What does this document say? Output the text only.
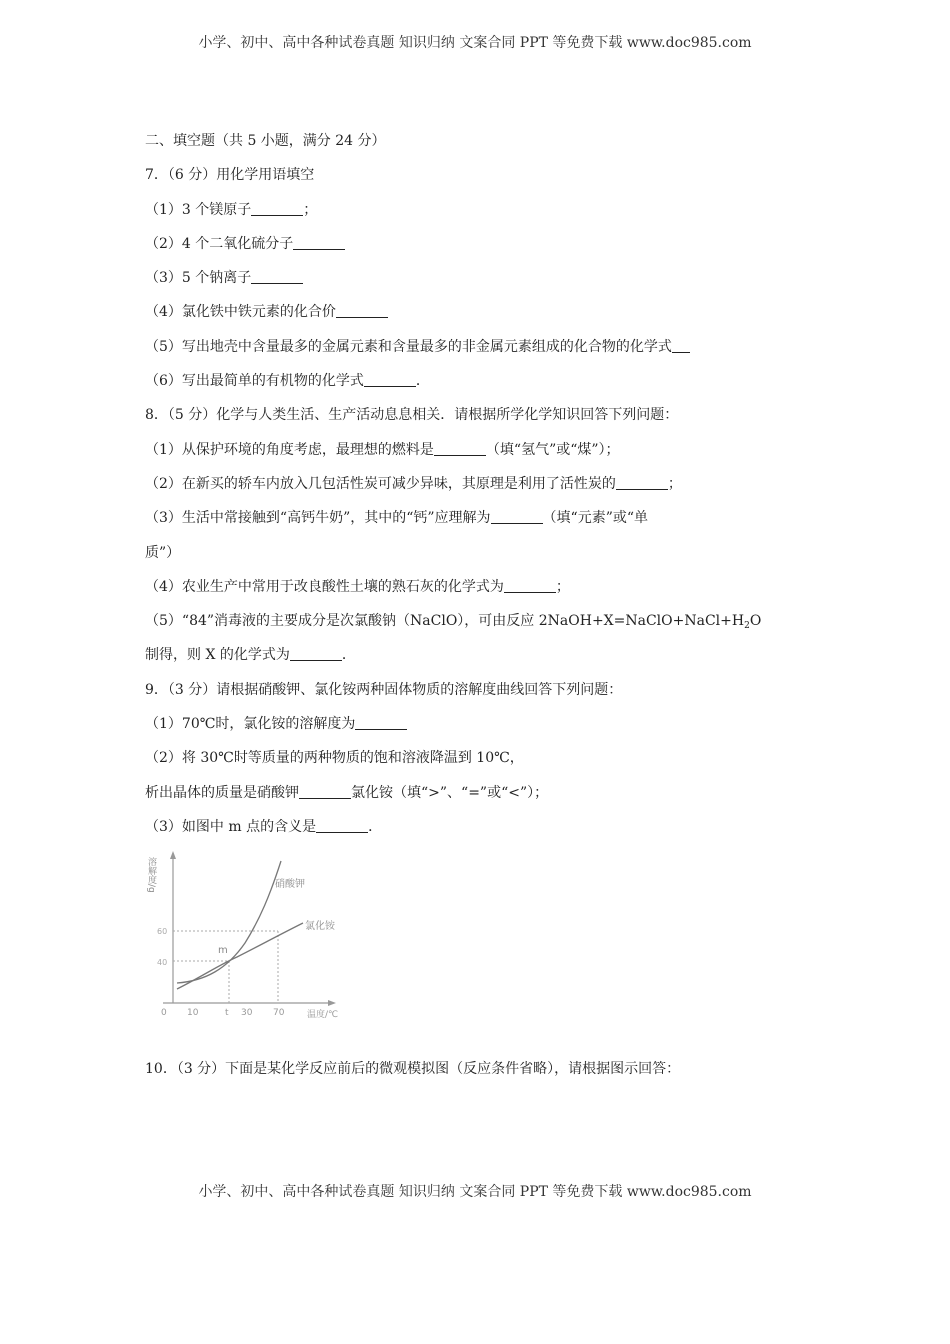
小学、初中、高中各种试卷真题 知识归纳 文案合同 PPT 等免费下载 www.doc985.com
二、填空题（共 5 小题，满分 24 分）
7．（6 分）用化学用语填空
（1）3 个镁原子	；
（2）4 个二氧化硫分子
（3）5 个钠离子
（4）氯化铁中铁元素的化合价
（5）写出地壳中含量最多的金属元素和含量最多的非金属元素组成的化合物的化学式
（6）写出最简单的有机物的化学式	．
8．（5 分）化学与人类生活、生产活动息息相关．请根据所学化学知识回答下列问题：
（1）从保护环境的角度考虑，最理想的燃料是	（填“氢气”或“煤”）；
（2）在新买的轿车内放入几包活性炭可减少异味，其原理是利用了活性炭的	；
（3）生活中常接触到“高钙牛奶”，其中的“钙”应理解为	（填“元素”或“单
质”）
（4）农业生产中常用于改良酸性土壤的熟石灰的化学式为	；
（5）“84”消毒液的主要成分是次氯酸钠（NaClO），可由反应 $2NaOH+X=NaClO+NaCl+H_2O$
制得，则 X 的化学式为	．
9．（3 分）请根据硝酸钾、氯化铵两种固体物质的溶解度曲线回答下列问题：
（1）70℃时，氯化铵的溶解度为
（2）将 30℃时等质量的两种物质的饱和溶液降温到 10℃，
析出晶体的质量是硝酸钾	氯化铵（填“>”、“=”或“<”）；
（3）如图中 m 点的含义是	．
溶解度/g	硝酸钾
氯化铵
m
40
60
0 10	t 30 70	温度/℃
10．（3 分）下面是某化学反应前后的微观模拟图（反应条件省略），请根据图示回答：
小学、初中、高中各种试卷真题 知识归纳 文案合同 PPT 等免费下载 www.doc985.com
